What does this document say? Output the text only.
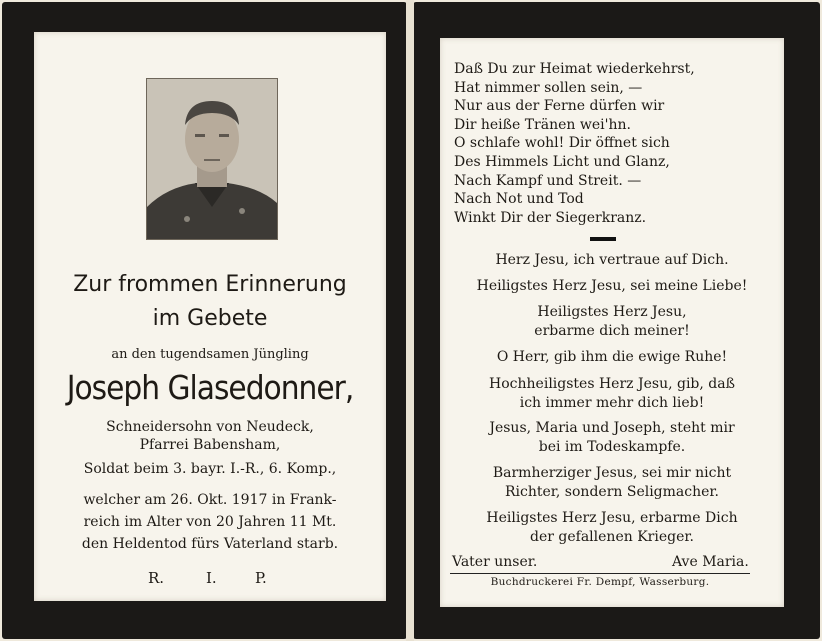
Zur frommen Erinnerung
im Gebete
an den tugendsamen Jüngling
Joseph Glasedonner,
Schneidersohn von Neudeck,
Pfarrei Babensham,
Soldat beim 3. bayr. I.-R., 6. Komp.,
welcher am 26. Okt. 1917 in Frank-
reich im Alter von 20 Jahren 11 Mt.
den Heldentod fürs Vaterland starb.
R.	I.	P.
Daß Du zur Heimat wiederkehrst,
Hat nimmer sollen sein, —
Nur aus der Ferne dürfen wir
Dir heiße Tränen wei'hn.
O schlafe wohl! Dir öffnet sich
Des Himmels Licht und Glanz,
Nach Kampf und Streit. —
Nach Not und Tod
Winkt Dir der Siegerkranz.
Herz Jesu, ich vertraue auf Dich.
Heiligstes Herz Jesu, sei meine Liebe!
Heiligstes Herz Jesu,
erbarme dich meiner!
O Herr, gib ihm die ewige Ruhe!
Hochheiligstes Herz Jesu, gib, daß
ich immer mehr dich lieb!
Jesus, Maria und Joseph, steht mir
bei im Todeskampfe.
Barmherziger Jesus, sei mir nicht
Richter, sondern Seligmacher.
Heiligstes Herz Jesu, erbarme Dich
der gefallenen Krieger.
Vater unser.	Ave Maria.
Buchdruckerei Fr. Dempf, Wasserburg.
